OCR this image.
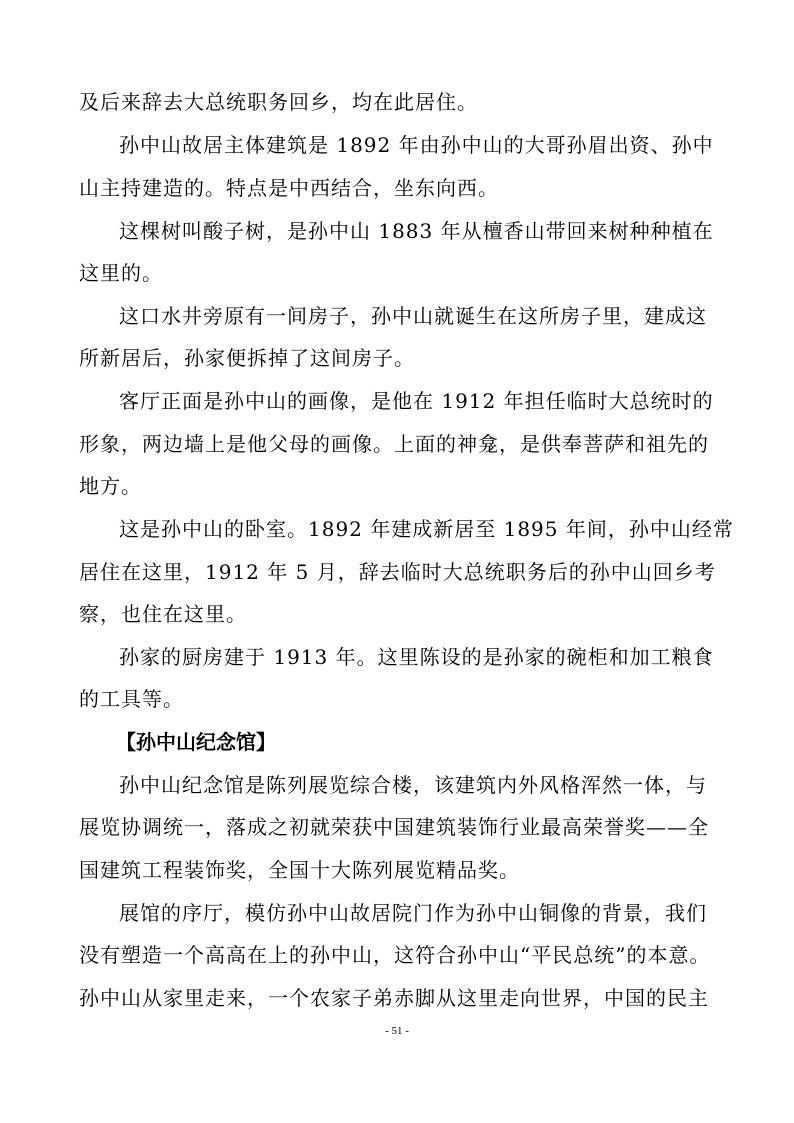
及后来辞去大总统职务回乡，均在此居住。
孙中山故居主体建筑是 1892 年由孙中山的大哥孙眉出资、孙中
山主持建造的。特点是中西结合，坐东向西。
这棵树叫酸子树，是孙中山 1883 年从檀香山带回来树种种植在
这里的。
这口水井旁原有一间房子，孙中山就诞生在这所房子里，建成这
所新居后，孙家便拆掉了这间房子。
客厅正面是孙中山的画像，是他在 1912 年担任临时大总统时的
形象，两边墙上是他父母的画像。上面的神龛，是供奉菩萨和祖先的
地方。
这是孙中山的卧室。1892 年建成新居至 1895 年间，孙中山经常
居住在这里，1912 年 5 月，辞去临时大总统职务后的孙中山回乡考
察，也住在这里。
孙家的厨房建于 1913 年。这里陈设的是孙家的碗柜和加工粮食
的工具等。
【孙中山纪念馆】
孙中山纪念馆是陈列展览综合楼，该建筑内外风格浑然一体，与
展览协调统一，落成之初就荣获中国建筑装饰行业最高荣誉奖——全
国建筑工程装饰奖，全国十大陈列展览精品奖。
展馆的序厅，模仿孙中山故居院门作为孙中山铜像的背景，我们
没有塑造一个高高在上的孙中山，这符合孙中山“平民总统”的本意。
孙中山从家里走来，一个农家子弟赤脚从这里走向世界，中国的民主
- 51 -
